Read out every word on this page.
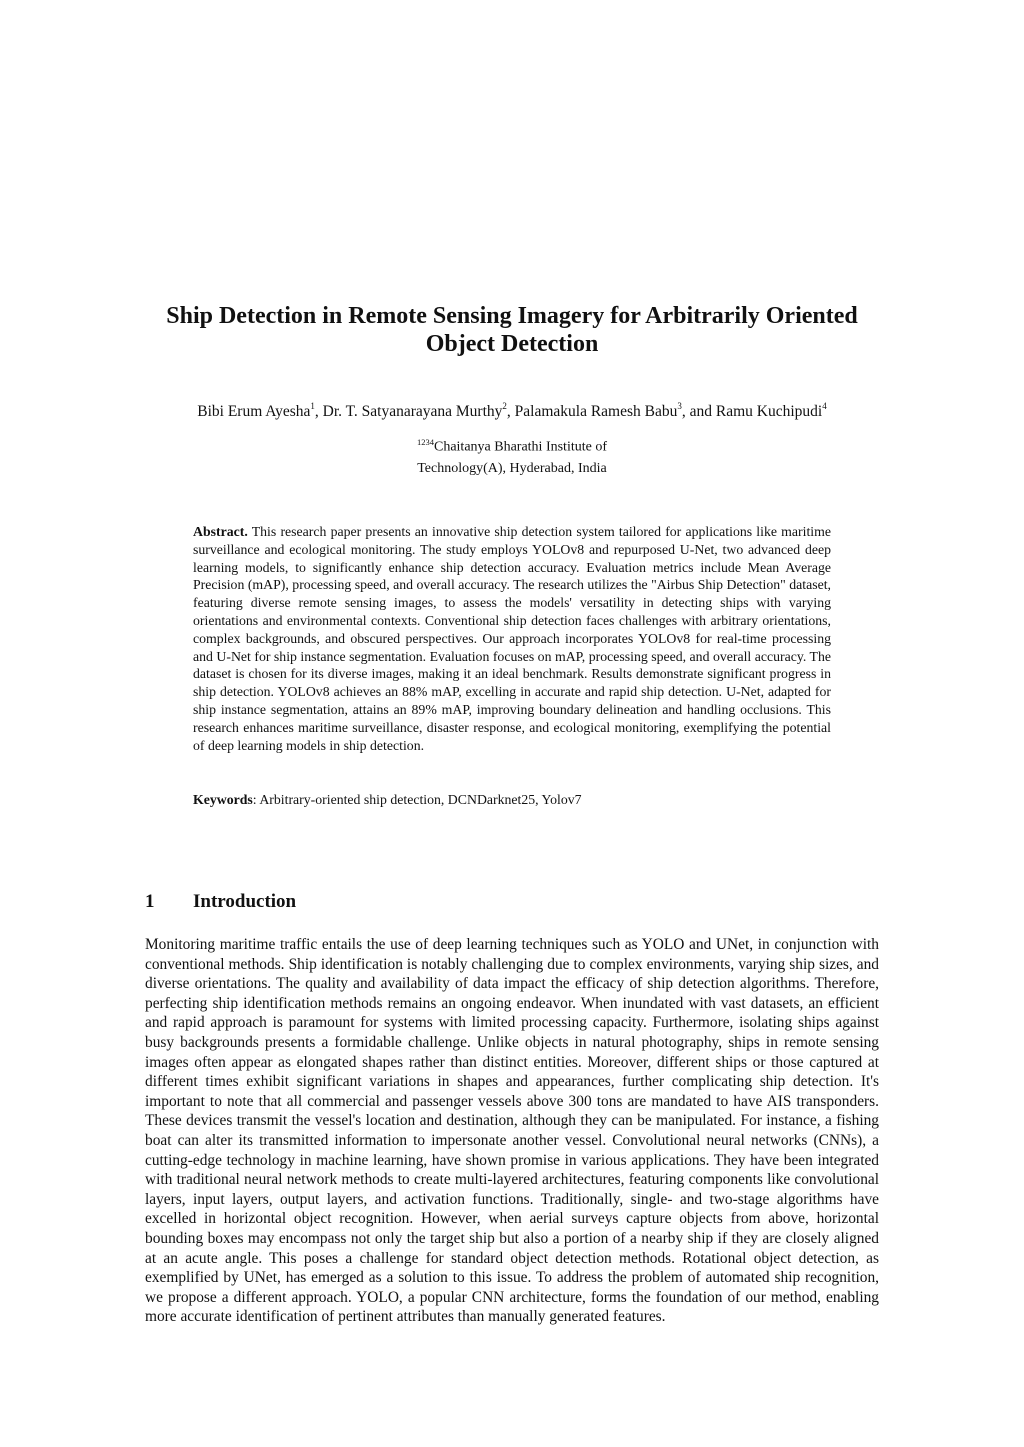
Ship Detection in Remote Sensing Imagery for Arbitrarily Oriented Object Detection

Bibi Erum Ayesha$^1$, Dr. T. Satyanarayana Murthy$^2$, Palamakula Ramesh Babu$^3$, and Ramu Kuchipudi$^4$

$^{1234}$Chaitanya Bharathi Institute of
Technology(A), Hyderabad, India

Abstract. This research paper presents an innovative ship detection system tailored for applications like maritime surveillance and ecological monitoring. The study employs YOLOv8 and repurposed U-Net, two advanced deep learning models, to significantly enhance ship detection accuracy. Evaluation metrics include Mean Average Precision (mAP), processing speed, and overall accuracy. The research utilizes the "Airbus Ship Detection" dataset, featuring diverse remote sensing images, to assess the models' versatility in detecting ships with varying orientations and environmental contexts. Conventional ship detection faces challenges with arbitrary orientations, complex backgrounds, and obscured perspectives. Our approach incorporates YOLOv8 for real-time processing and U-Net for ship instance segmentation. Evaluation focuses on mAP, processing speed, and overall accuracy. The dataset is chosen for its diverse images, making it an ideal benchmark. Results demonstrate significant progress in ship detection. YOLOv8 achieves an 88% mAP, excelling in accurate and rapid ship detection. U-Net, adapted for ship instance segmentation, attains an 89% mAP, improving boundary delineation and handling occlusions. This research enhances maritime surveillance, disaster response, and ecological monitoring, exemplifying the potential of deep learning models in ship detection.

Keywords: Arbitrary-oriented ship detection, DCNDarknet25, Yolov7

1 Introduction

Monitoring maritime traffic entails the use of deep learning techniques such as YOLO and UNet, in conjunction with conventional methods. Ship identification is notably challenging due to complex environments, varying ship sizes, and diverse orientations. The quality and availability of data impact the efficacy of ship detection algorithms. Therefore, perfecting ship identification methods remains an ongoing endeavor. When inundated with vast datasets, an efficient and rapid approach is paramount for systems with limited processing capacity. Furthermore, isolating ships against busy backgrounds presents a formidable challenge. Unlike objects in natural photography, ships in remote sensing images often appear as elongated shapes rather than distinct entities. Moreover, different ships or those captured at different times exhibit significant variations in shapes and appearances, further complicating ship detection. It's important to note that all commercial and passenger vessels above 300 tons are mandated to have AIS transponders. These devices transmit the vessel's location and destination, although they can be manipulated. For instance, a fishing boat can alter its transmitted information to impersonate another vessel. Convolutional neural networks (CNNs), a cutting-edge technology in machine learning, have shown promise in various applications. They have been integrated with traditional neural network methods to create multi-layered architectures, featuring components like convolutional layers, input layers, output layers, and activation functions. Traditionally, single- and two-stage algorithms have excelled in horizontal object recognition. However, when aerial surveys capture objects from above, horizontal bounding boxes may encompass not only the target ship but also a portion of a nearby ship if they are closely aligned at an acute angle. This poses a challenge for standard object detection methods. Rotational object detection, as exemplified by UNet, has emerged as a solution to this issue. To address the problem of automated ship recognition, we propose a different approach. YOLO, a popular CNN architecture, forms the foundation of our method, enabling more accurate identification of pertinent attributes than manually generated features.
